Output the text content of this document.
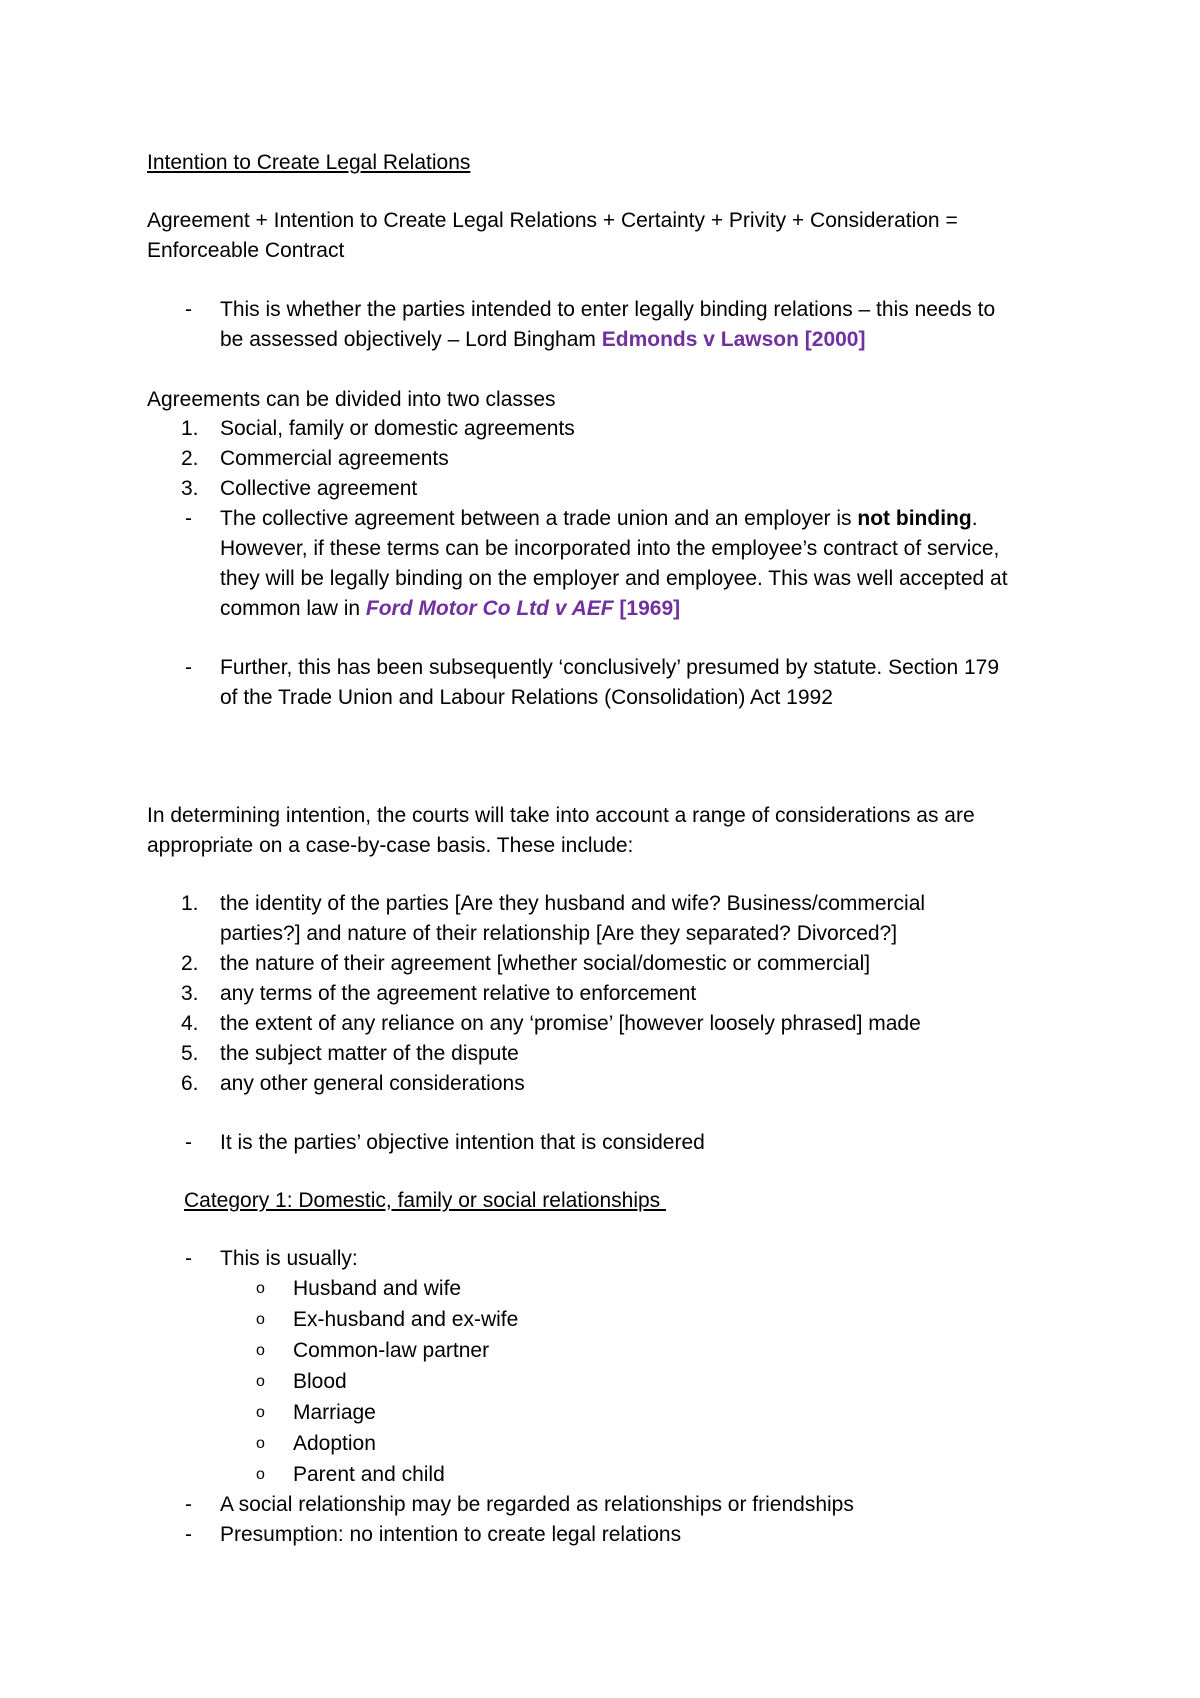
Intention to Create Legal Relations
Agreement + Intention to Create Legal Relations + Certainty + Privity + Consideration =
Enforceable Contract
- This is whether the parties intended to enter legally binding relations – this needs to
be assessed objectively – Lord Bingham Edmonds v Lawson [2000]
Agreements can be divided into two classes
1. Social, family or domestic agreements
2. Commercial agreements
3. Collective agreement
- The collective agreement between a trade union and an employer is not binding.
However, if these terms can be incorporated into the employee’s contract of service,
they will be legally binding on the employer and employee. This was well accepted at
common law in Ford Motor Co Ltd v AEF [1969]
- Further, this has been subsequently ‘conclusively’ presumed by statute. Section 179
of the Trade Union and Labour Relations (Consolidation) Act 1992
In determining intention, the courts will take into account a range of considerations as are
appropriate on a case-by-case basis. These include:
1. the identity of the parties [Are they husband and wife? Business/commercial
parties?] and nature of their relationship [Are they separated? Divorced?]
2. the nature of their agreement [whether social/domestic or commercial]
3. any terms of the agreement relative to enforcement
4. the extent of any reliance on any ‘promise’ [however loosely phrased] made
5. the subject matter of the dispute
6. any other general considerations
- It is the parties’ objective intention that is considered
Category 1: Domestic, family or social relationships
- This is usually:
o Husband and wife
o Ex-husband and ex-wife
o Common-law partner
o Blood
o Marriage
o Adoption
o Parent and child
- A social relationship may be regarded as relationships or friendships
- Presumption: no intention to create legal relations
